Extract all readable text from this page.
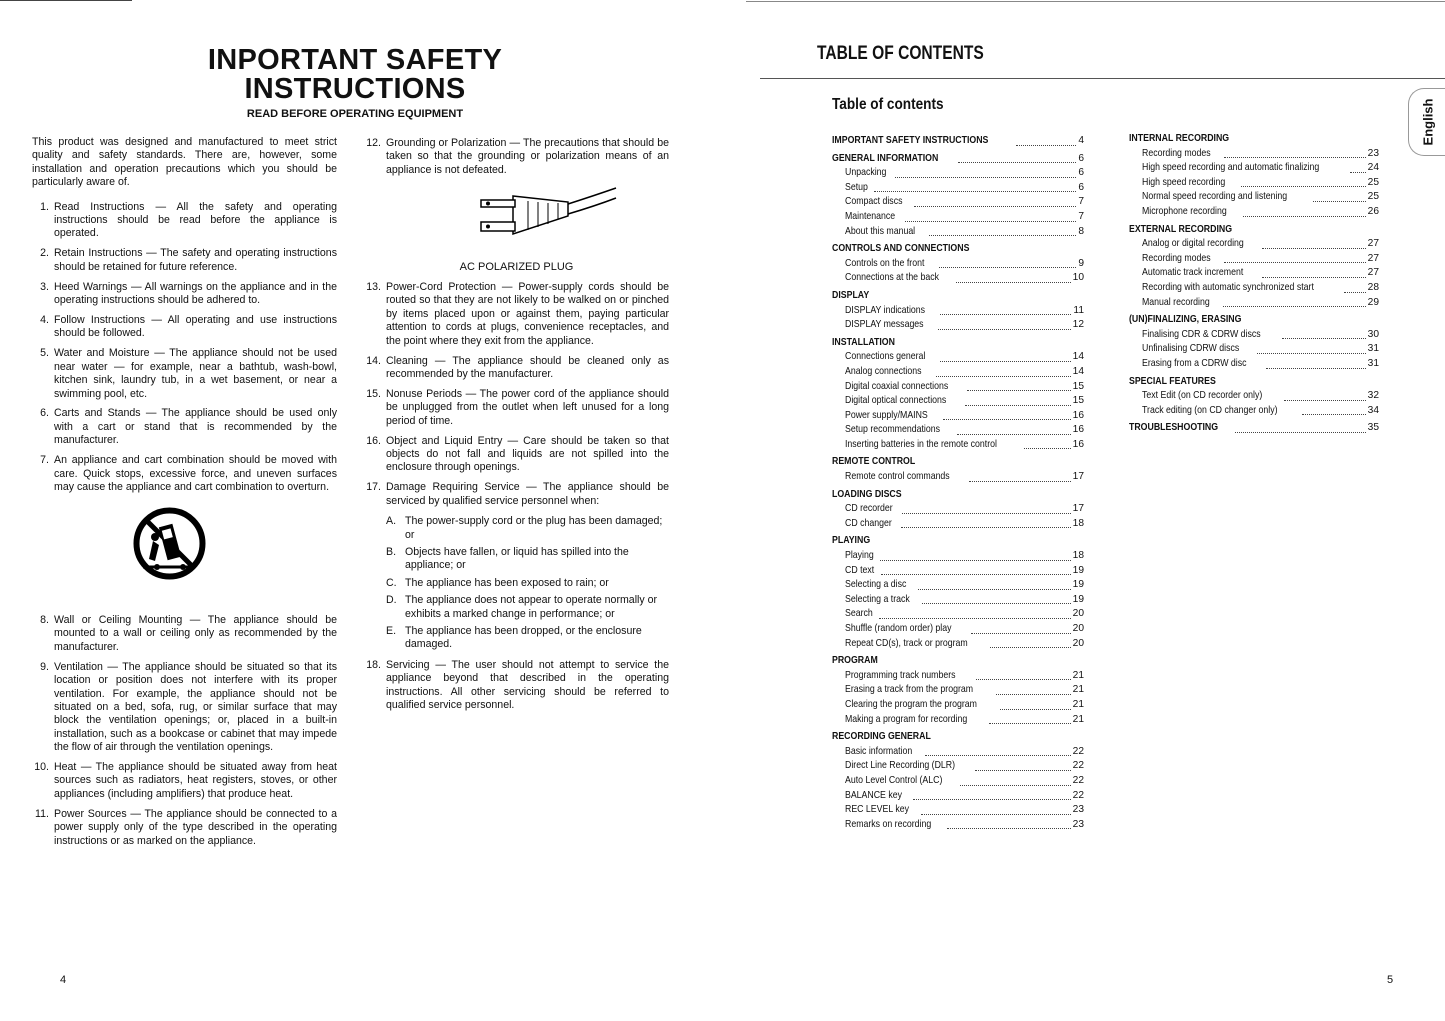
INPORTANT SAFETY
INSTRUCTIONS
READ BEFORE OPERATING EQUIPMENT

This product was designed and manufactured to meet strict quality and safety standards. There are, however, some installation and operation precautions which you should be particularly aware of.

1. Read Instructions — All the safety and operating instructions should be read before the appliance is operated.
2. Retain Instructions — The safety and operating instructions should be retained for future reference.
3. Heed Warnings — All warnings on the appliance and in the operating instructions should be adhered to.
4. Follow Instructions — All operating and use instructions should be followed.
5. Water and Moisture — The appliance should not be used near water — for example, near a bathtub, wash-bowl, kitchen sink, laundry tub, in a wet basement, or near a swimming pool, etc.
6. Carts and Stands — The appliance should be used only with a cart or stand that is recommended by the manufacturer.
7. An appliance and cart combination should be moved with care. Quick stops, excessive force, and uneven surfaces may cause the appliance and cart combination to overturn.
8. Wall or Ceiling Mounting — The appliance should be mounted to a wall or ceiling only as recommended by the manufacturer.
9. Ventilation — The appliance should be situated so that its location or position does not interfere with its proper ventilation. For example, the appliance should not be situated on a bed, sofa, rug, or similar surface that may block the ventilation openings; or, placed in a built-in installation, such as a bookcase or cabinet that may impede the flow of air through the ventilation openings.
10. Heat — The appliance should be situated away from heat sources such as radiators, heat registers, stoves, or other appliances (including amplifiers) that produce heat.
11. Power Sources — The appliance should be connected to a power supply only of the type described in the operating instructions or as marked on the appliance.
12. Grounding or Polarization — The precautions that should be taken so that the grounding or polarization means of an appliance is not defeated.
AC POLARIZED PLUG
13. Power-Cord Protection — Power-supply cords should be routed so that they are not likely to be walked on or pinched by items placed upon or against them, paying particular attention to cords at plugs, convenience receptacles, and the point where they exit from the appliance.
14. Cleaning — The appliance should be cleaned only as recommended by the manufacturer.
15. Nonuse Periods — The power cord of the appliance should be unplugged from the outlet when left unused for a long period of time.
16. Object and Liquid Entry — Care should be taken so that objects do not fall and liquids are not spilled into the enclosure through openings.
17. Damage Requiring Service — The appliance should be serviced by qualified service personnel when:
A. The power-supply cord or the plug has been damaged; or
B. Objects have fallen, or liquid has spilled into the appliance; or
C. The appliance has been exposed to rain; or
D. The appliance does not appear to operate normally or exhibits a marked change in performance; or
E. The appliance has been dropped, or the enclosure damaged.
18. Servicing — The user should not attempt to service the appliance beyond that described in the operating instructions. All other servicing should be referred to qualified service personnel.
4
TABLE OF CONTENTS
Table of contents
IMPORTANT SAFETY INSTRUCTIONS	4
GENERAL INFORMATION	6
Unpacking	6
Setup	6
Compact discs	7
Maintenance	7
About this manual	8
CONTROLS AND CONNECTIONS
Controls on the front	9
Connections at the back	10
DISPLAY
DISPLAY indications	11
DISPLAY messages	12
INSTALLATION
Connections general	14
Analog connections	14
Digital coaxial connections	15
Digital optical connections	15
Power supply/MAINS	16
Setup recommendations	16
Inserting batteries in the remote control	16
REMOTE CONTROL
Remote control commands	17
LOADING DISCS
CD recorder	17
CD changer	18
PLAYING
Playing	18
CD text	19
Selecting a disc	19
Selecting a track	19
Search	20
Shuffle (random order) play	20
Repeat CD(s), track or program	20
PROGRAM
Programming track numbers	21
Erasing a track from the program	21
Clearing the program the program	21
Making a program for recording	21
RECORDING GENERAL
Basic information	22
Direct Line Recording (DLR)	22
Auto Level Control (ALC)	22
BALANCE key	22
REC LEVEL key	23
Remarks on recording	23
INTERNAL RECORDING
Recording modes	23
High speed recording and automatic finalizing	24
High speed recording	25
Normal speed recording and listening	25
Microphone recording	26
EXTERNAL RECORDING
Analog or digital recording	27
Recording modes	27
Automatic track increment	27
Recording with automatic synchronized start	28
Manual recording	29
(UN)FINALIZING, ERASING
Finalising CDR & CDRW discs	30
Unfinalising CDRW discs	31
Erasing from a CDRW disc	31
SPECIAL FEATURES
Text Edit (on CD recorder only)	32
Track editing (on CD changer only)	34
TROUBLESHOOTING	35
English
5
